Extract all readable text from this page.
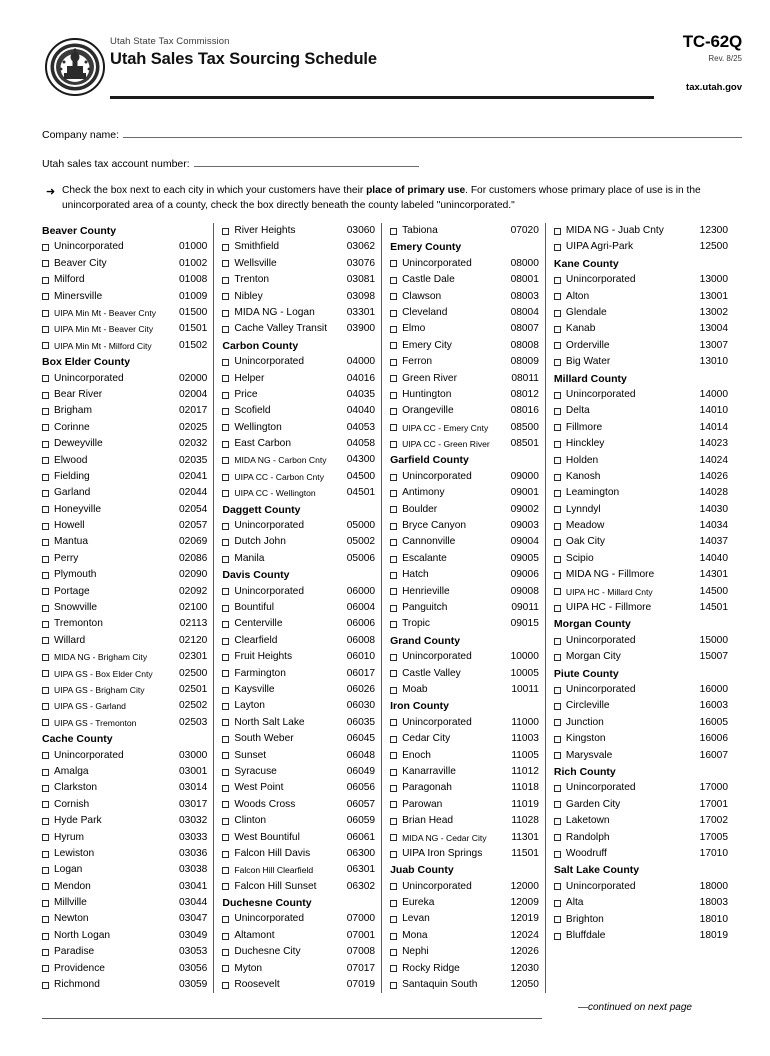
Utah State Tax Commission
Utah Sales Tax Sourcing Schedule
TC-62Q
Rev. 8/25
tax.utah.gov
Company name:
Utah sales tax account number:
➜ Check the box next to each city in which your customers have their place of primary use. For customers whose primary place of use is in the unincorporated area of a county, check the box directly beneath the county labeled "unincorporated."
Beaver County
Unincorporated	01000
Beaver City	01002
Milford	01008
Minersville	01009
UIPA Min Mt - Beaver Cnty	01500
UIPA Min Mt - Beaver City	01501
UIPA Min Mt - Milford City	01502
Box Elder County
Unincorporated	02000
Bear River	02004
Brigham	02017
Corinne	02025
Deweyville	02032
Elwood	02035
Fielding	02041
Garland	02044
Honeyville	02054
Howell	02057
Mantua	02069
Perry	02086
Plymouth	02090
Portage	02092
Snowville	02100
Tremonton	02113
Willard	02120
MIDA NG - Brigham City	02301
UIPA GS - Box Elder Cnty	02500
UIPA GS - Brigham City	02501
UIPA GS - Garland	02502
UIPA GS - Tremonton	02503
Cache County
Unincorporated	03000
Amalga	03001
Clarkston	03014
Cornish	03017
Hyde Park	03032
Hyrum	03033
Lewiston	03036
Logan	03038
Mendon	03041
Millville	03044
Newton	03047
North Logan	03049
Paradise	03053
Providence	03056
Richmond	03059
River Heights	03060
Smithfield	03062
Wellsville	03076
Trenton	03081
Nibley	03098
MIDA NG - Logan	03301
Cache Valley Transit	03900
Carbon County
Unincorporated	04000
Helper	04016
Price	04035
Scofield	04040
Wellington	04053
East Carbon	04058
MIDA NG - Carbon Cnty	04300
UIPA CC - Carbon Cnty	04500
UIPA CC - Wellington	04501
Daggett County
Unincorporated	05000
Dutch John	05002
Manila	05006
Davis County
Unincorporated	06000
Bountiful	06004
Centerville	06006
Clearfield	06008
Fruit Heights	06010
Farmington	06017
Kaysville	06026
Layton	06030
North Salt Lake	06035
South Weber	06045
Sunset	06048
Syracuse	06049
West Point	06056
Woods Cross	06057
Clinton	06059
West Bountiful	06061
Falcon Hill Davis	06300
Falcon Hill Clearfield	06301
Falcon Hill Sunset	06302
Duchesne County
Unincorporated	07000
Altamont	07001
Duchesne City	07008
Myton	07017
Roosevelt	07019
Tabiona	07020
Emery County
Unincorporated	08000
Castle Dale	08001
Clawson	08003
Cleveland	08004
Elmo	08007
Emery City	08008
Ferron	08009
Green River	08011
Huntington	08012
Orangeville	08016
UIPA CC - Emery Cnty	08500
UIPA CC - Green River	08501
Garfield County
Unincorporated	09000
Antimony	09001
Boulder	09002
Bryce Canyon	09003
Cannonville	09004
Escalante	09005
Hatch	09006
Henrieville	09008
Panguitch	09011
Tropic	09015
Grand County
Unincorporated	10000
Castle Valley	10005
Moab	10011
Iron County
Unincorporated	11000
Cedar City	11003
Enoch	11005
Kanarraville	11012
Paragonah	11018
Parowan	11019
Brian Head	11028
MIDA NG - Cedar City	11301
UIPA Iron Springs	11501
Juab County
Unincorporated	12000
Eureka	12009
Levan	12019
Mona	12024
Nephi	12026
Rocky Ridge	12030
Santaquin South	12050
MIDA NG - Juab Cnty	12300
UIPA Agri-Park	12500
Kane County
Unincorporated	13000
Alton	13001
Glendale	13002
Kanab	13004
Orderville	13007
Big Water	13010
Millard County
Unincorporated	14000
Delta	14010
Fillmore	14014
Hinckley	14023
Holden	14024
Kanosh	14026
Leamington	14028
Lynndyl	14030
Meadow	14034
Oak City	14037
Scipio	14040
MIDA NG - Fillmore	14301
UIPA HC - Millard Cnty	14500
UIPA HC - Fillmore	14501
Morgan County
Unincorporated	15000
Morgan City	15007
Piute County
Unincorporated	16000
Circleville	16003
Junction	16005
Kingston	16006
Marysvale	16007
Rich County
Unincorporated	17000
Garden City	17001
Laketown	17002
Randolph	17005
Woodruff	17010
Salt Lake County
Unincorporated	18000
Alta	18003
Brighton	18010
Bluffdale	18019
—continued on next page
